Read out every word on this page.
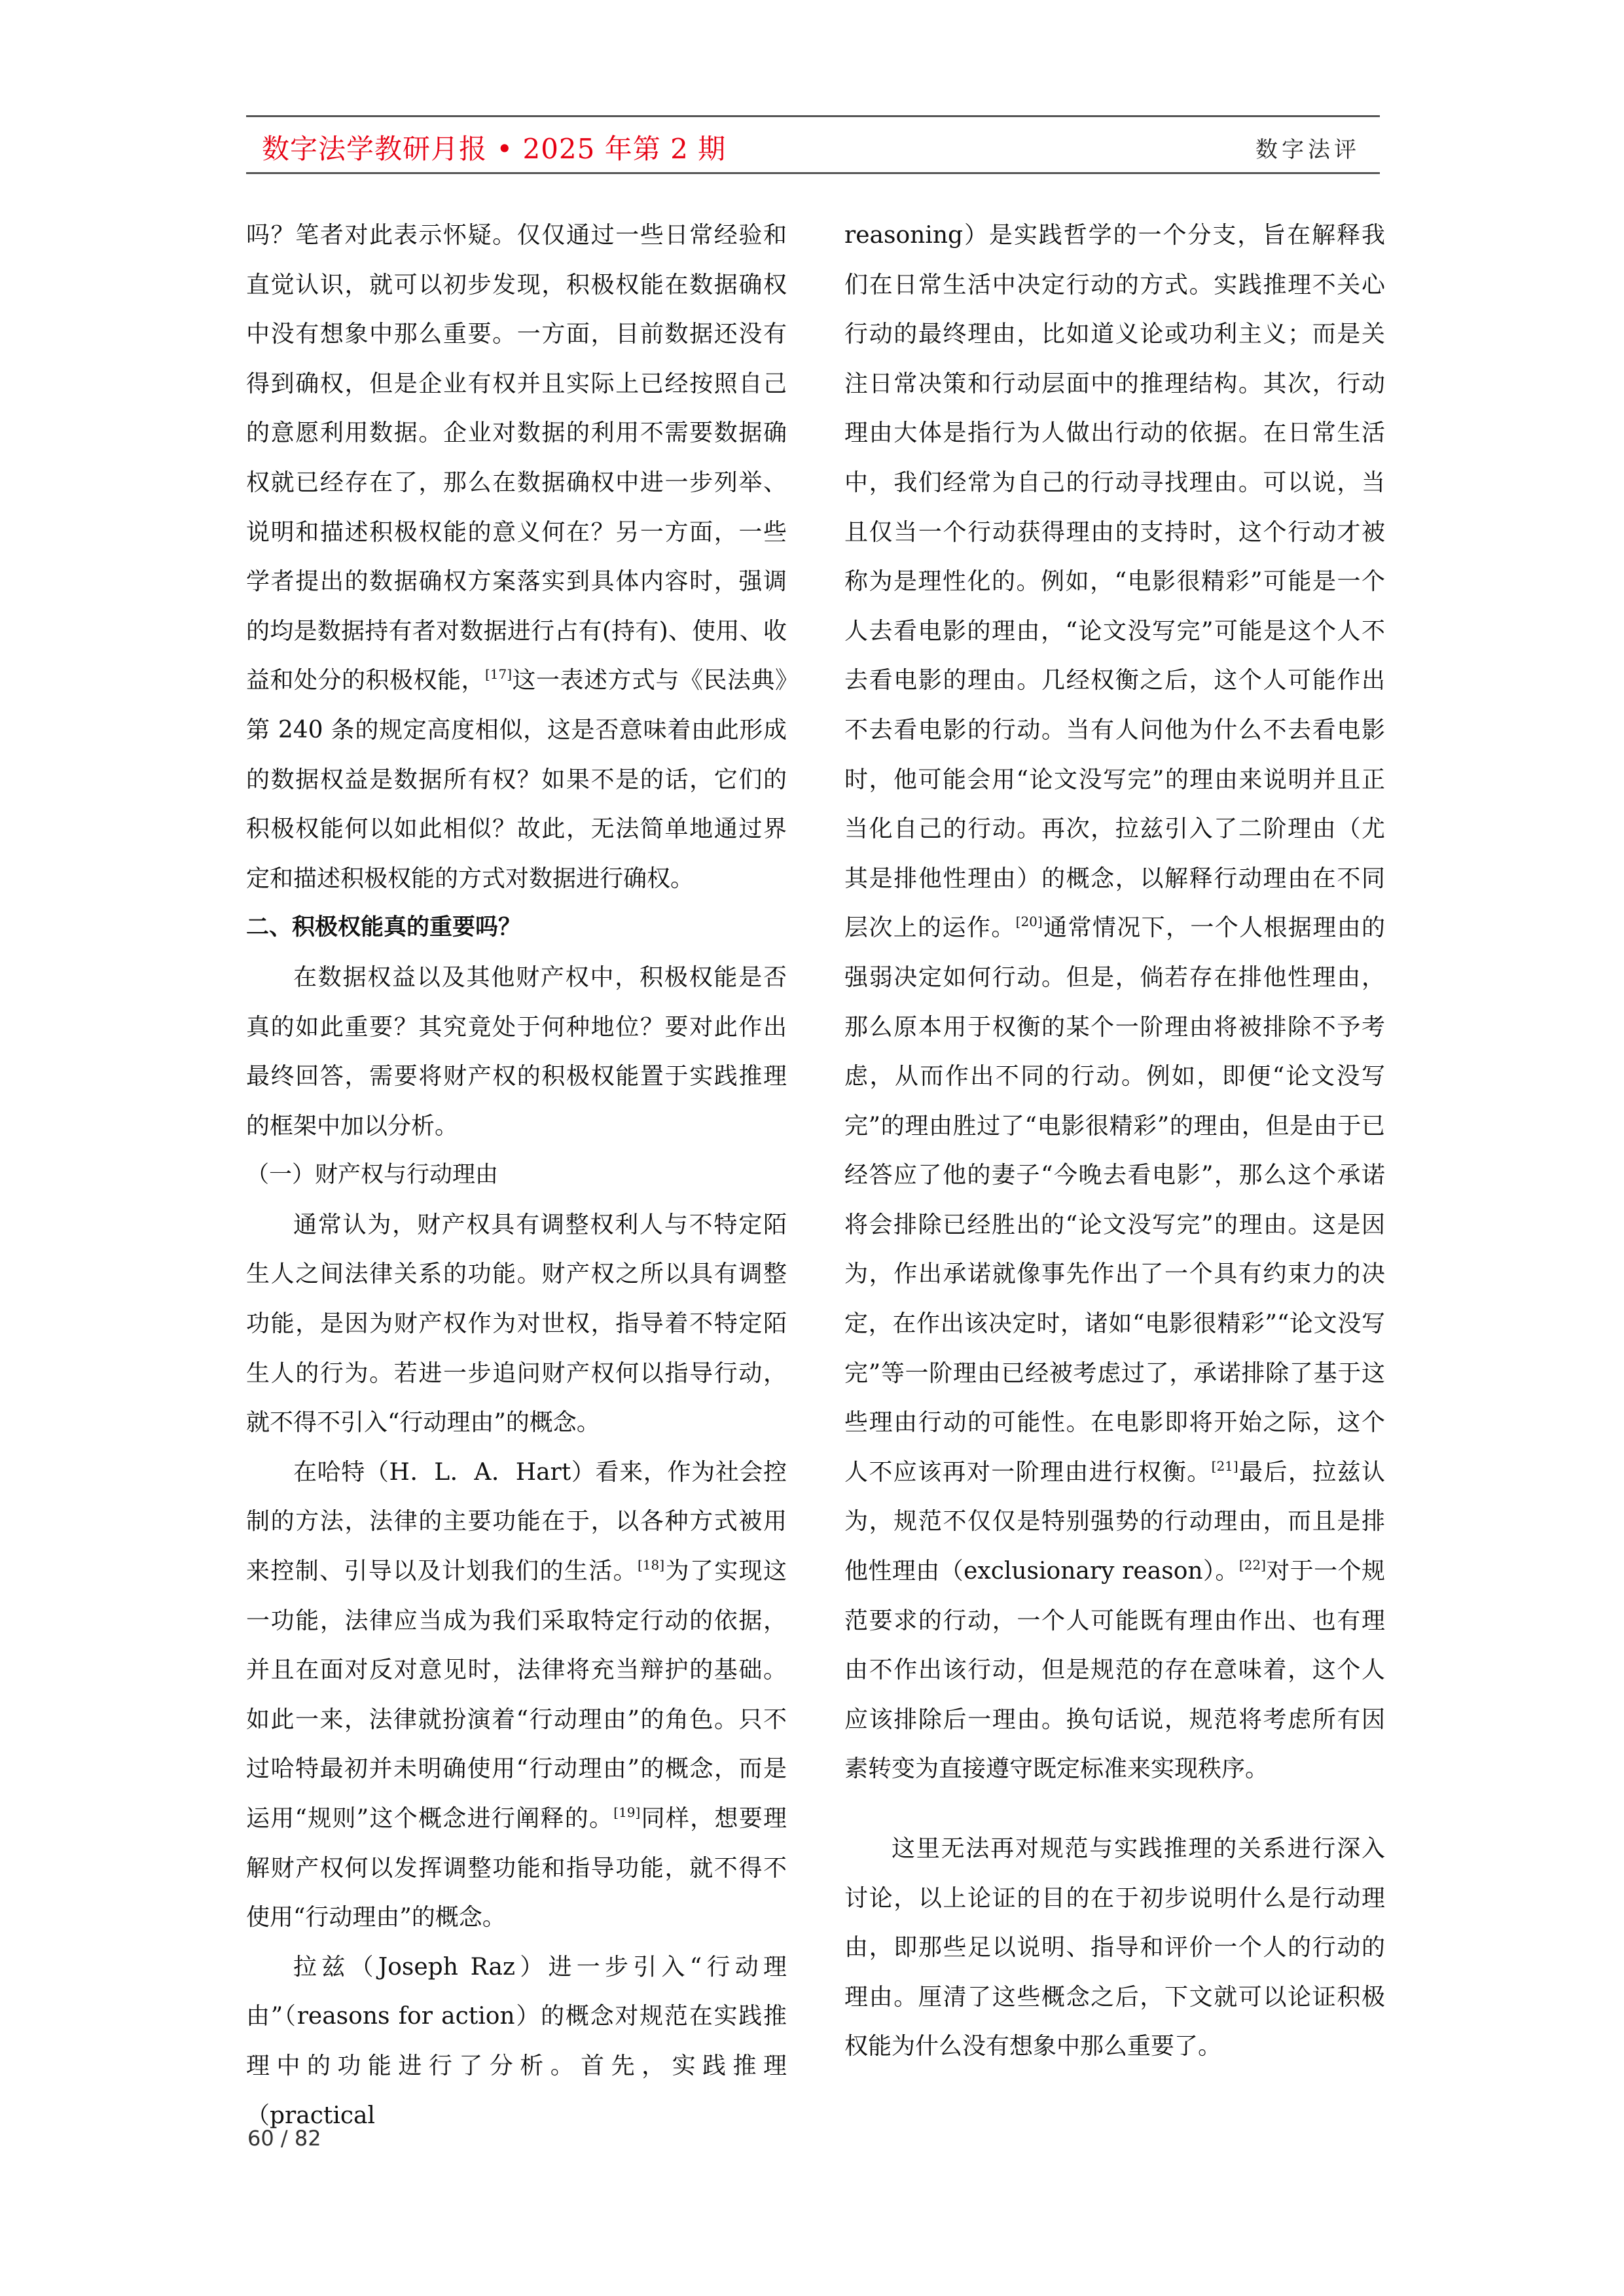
数字法学教研月报 • 2025 年第 2 期	数字法评

吗？笔者对此表示怀疑。仅仅通过一些日常经验和直觉认识，就可以初步发现，积极权能在数据确权中没有想象中那么重要。一方面，目前数据还没有得到确权，但是企业有权并且实际上已经按照自己的意愿利用数据。企业对数据的利用不需要数据确权就已经存在了，那么在数据确权中进一步列举、说明和描述积极权能的意义何在？另一方面，一些学者提出的数据确权方案落实到具体内容时，强调的均是数据持有者对数据进行占有(持有)、使用、收益和处分的积极权能，[17]这一表述方式与《民法典》第 240 条的规定高度相似，这是否意味着由此形成的数据权益是数据所有权？如果不是的话，它们的积极权能何以如此相似？故此，无法简单地通过界定和描述积极权能的方式对数据进行确权。

二、积极权能真的重要吗？

在数据权益以及其他财产权中，积极权能是否真的如此重要？其究竟处于何种地位？要对此作出最终回答，需要将财产权的积极权能置于实践推理的框架中加以分析。

（一）财产权与行动理由

通常认为，财产权具有调整权利人与不特定陌生人之间法律关系的功能。财产权之所以具有调整功能，是因为财产权作为对世权，指导着不特定陌生人的行为。若进一步追问财产权何以指导行动，就不得不引入“行动理由”的概念。

在哈特（H．L．A．Hart）看来，作为社会控制的方法，法律的主要功能在于，以各种方式被用来控制、引导以及计划我们的生活。[18]为了实现这一功能，法律应当成为我们采取特定行动的依据，并且在面对反对意见时，法律将充当辩护的基础。如此一来，法律就扮演着“行动理由”的角色。只不过哈特最初并未明确使用“行动理由”的概念，而是运用“规则”这个概念进行阐释的。[19]同样，想要理解财产权何以发挥调整功能和指导功能，就不得不使用“行动理由”的概念。

拉兹（Joseph Raz）进一步引入“行动理由”（reasons for action）的概念对规范在实践推理中的功能进行了分析。首先，实践推理（practical

reasoning）是实践哲学的一个分支，旨在解释我们在日常生活中决定行动的方式。实践推理不关心行动的最终理由，比如道义论或功利主义；而是关注日常决策和行动层面中的推理结构。其次，行动理由大体是指行为人做出行动的依据。在日常生活中，我们经常为自己的行动寻找理由。可以说，当且仅当一个行动获得理由的支持时，这个行动才被称为是理性化的。例如，“电影很精彩”可能是一个人去看电影的理由，“论文没写完”可能是这个人不去看电影的理由。几经权衡之后，这个人可能作出不去看电影的行动。当有人问他为什么不去看电影时，他可能会用“论文没写完”的理由来说明并且正当化自己的行动。再次，拉兹引入了二阶理由（尤其是排他性理由）的概念，以解释行动理由在不同层次上的运作。[20]通常情况下，一个人根据理由的强弱决定如何行动。但是，倘若存在排他性理由，那么原本用于权衡的某个一阶理由将被排除不予考虑，从而作出不同的行动。例如，即便“论文没写完”的理由胜过了“电影很精彩”的理由，但是由于已经答应了他的妻子“今晚去看电影”，那么这个承诺将会排除已经胜出的“论文没写完”的理由。这是因为，作出承诺就像事先作出了一个具有约束力的决定，在作出该决定时，诸如“电影很精彩”“论文没写完”等一阶理由已经被考虑过了，承诺排除了基于这些理由行动的可能性。在电影即将开始之际，这个人不应该再对一阶理由进行权衡。[21]最后，拉兹认为，规范不仅仅是特别强势的行动理由，而且是排他性理由（exclusionary reason）。[22]对于一个规范要求的行动，一个人可能既有理由作出、也有理由不作出该行动，但是规范的存在意味着，这个人应该排除后一理由。换句话说，规范将考虑所有因素转变为直接遵守既定标准来实现秩序。

这里无法再对规范与实践推理的关系进行深入讨论，以上论证的目的在于初步说明什么是行动理由，即那些足以说明、指导和评价一个人的行动的理由。厘清了这些概念之后，下文就可以论证积极权能为什么没有想象中那么重要了。

60 / 82
